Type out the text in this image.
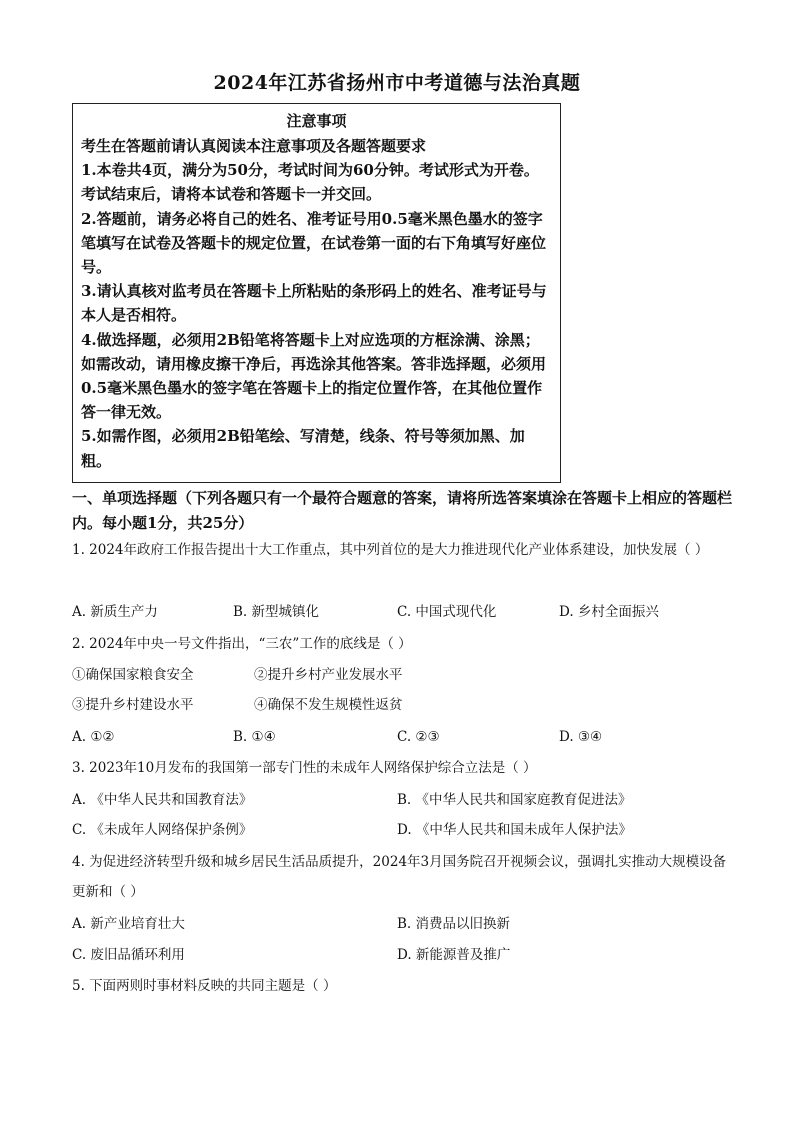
2024年江苏省扬州市中考道德与法治真题
注意事项

考生在答题前请认真阅读本注意事项及各题答题要求

1.本卷共4页，满分为50分，考试时间为60分钟。考试形式为开卷。考试结束后，请将本试卷和答题卡一并交回。

2.答题前，请务必将自己的姓名、准考证号用0.5毫米黑色墨水的签字笔填写在试卷及答题卡的规定位置，在试卷第一面的右下角填写好座位号。

3.请认真核对监考员在答题卡上所粘贴的条形码上的姓名、准考证号与本人是否相符。

4.做选择题，必须用2B铅笔将答题卡上对应选项的方框涂满、涂黑；如需改动，请用橡皮擦干净后，再选涂其他答案。答非选择题，必须用0.5毫米黑色墨水的签字笔在答题卡上的指定位置作答，在其他位置作答一律无效。

5.如需作图，必须用2B铅笔绘、写清楚，线条、符号等须加黑、加粗。

一、单项选择题（下列各题只有一个最符合题意的答案，请将所选答案填涂在答题卡上相应的答题栏内。每小题1分，共25分）

1. 2024年政府工作报告提出十大工作重点，其中列首位的是大力推进现代化产业体系建设，加快发展（ ）

A. 新质生产力	B. 新型城镇化	C. 中国式现代化	D. 乡村全面振兴

2. 2024年中央一号文件指出，“三农”工作的底线是（ ）

①确保国家粮食安全	②提升乡村产业发展水平
③提升乡村建设水平	④确保不发生规模性返贫
A. ①②	B. ①④	C. ②③	D. ③④

3. 2023年10月发布的我国第一部专门性的未成年人网络保护综合立法是（ ）

A. 《中华人民共和国教育法》	B. 《中华人民共和国家庭教育促进法》
C. 《未成年人网络保护条例》	D. 《中华人民共和国未成年人保护法》

4. 为促进经济转型升级和城乡居民生活品质提升，2024年3月国务院召开视频会议，强调扎实推动大规模设备更新和（ ）

A. 新产业培育壮大	B. 消费品以旧换新
C. 废旧品循环利用	D. 新能源普及推广

5. 下面两则时事材料反映的共同主题是（ ）
